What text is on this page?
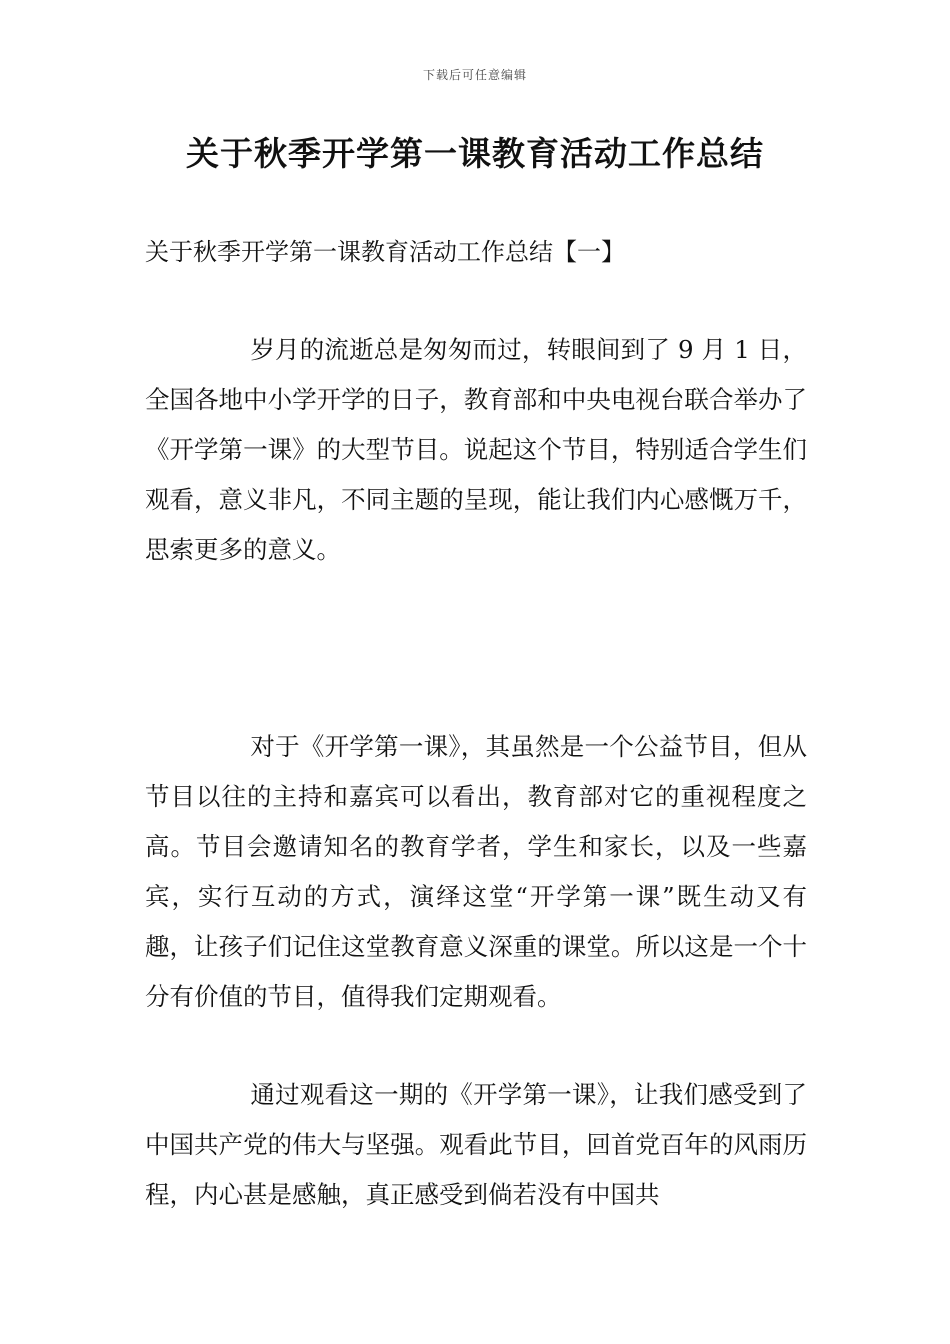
下载后可任意编辑
关于秋季开学第一课教育活动工作总结
关于秋季开学第一课教育活动工作总结【一】

岁月的流逝总是匆匆而过，转眼间到了 9 月 1 日，全国各地中小学开学的日子，教育部和中央电视台联合举办了《开学第一课》的大型节目。说起这个节目，特别适合学生们观看，意义非凡，不同主题的呈现，能让我们内心感慨万千，思索更多的意义。

对于《开学第一课》，其虽然是一个公益节目，但从节目以往的主持和嘉宾可以看出，教育部对它的重视程度之高。节目会邀请知名的教育学者，学生和家长，以及一些嘉宾，实行互动的方式，演绎这堂“开学第一课”既生动又有趣，让孩子们记住这堂教育意义深重的课堂。所以这是一个十分有价值的节目，值得我们定期观看。

通过观看这一期的《开学第一课》，让我们感受到了中国共产党的伟大与坚强。观看此节目，回首党百年的风雨历程，内心甚是感触，真正感受到倘若没有中国共
